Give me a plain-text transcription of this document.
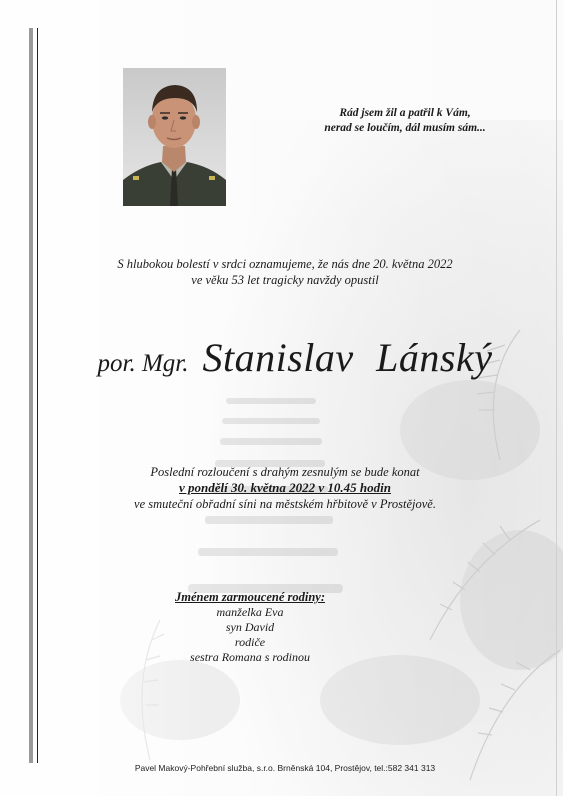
Rád jsem žil a patřil k Vám,
nerad se loučím, dál musím sám...
S hlubokou bolestí v srdci oznamujeme, že nás dne 20. května 2022
ve věku 53 let tragicky navždy opustil
por. Mgr. Stanislav Lánský
Poslední rozloučení s drahým zesnulým se bude konat
v pondělí 30. května 2022 v 10.45 hodin
ve smuteční obřadní síni na městském hřbitově v Prostějově.
Jménem zarmoucené rodiny:
manželka Eva
syn David
rodiče
sestra Romana s rodinou
Pavel Makový-Pohřební služba, s.r.o. Brněnská 104, Prostějov, tel.:582 341 313
